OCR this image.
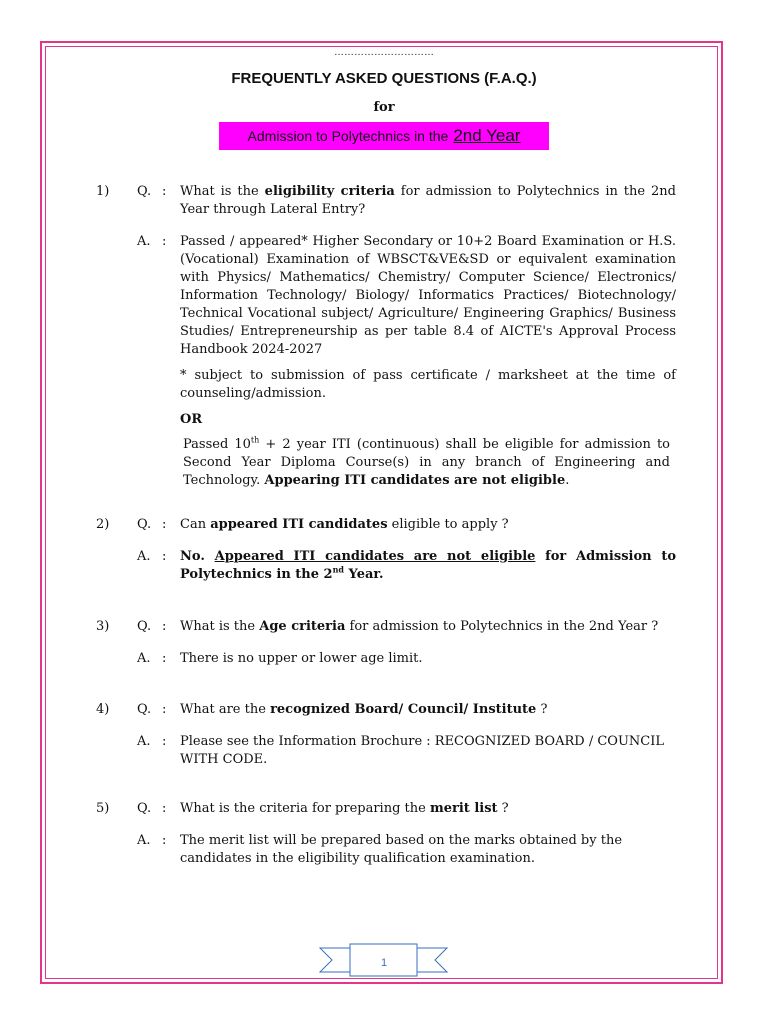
…………………………
FREQUENTLY ASKED QUESTIONS (F.A.Q.)
for
Admission to Polytechnics in the 2nd Year
1) Q. : What is the eligibility criteria for admission to Polytechnics in the 2nd Year through Lateral Entry?
A. : Passed / appeared* Higher Secondary or 10+2 Board Examination or H.S. (Vocational) Examination of WBSCT&VE&SD or equivalent examination with Physics/ Mathematics/ Chemistry/ Computer Science/ Electronics/ Information Technology/ Biology/ Informatics Practices/ Biotechnology/ Technical Vocational subject/ Agriculture/ Engineering Graphics/ Business Studies/ Entrepreneurship as per table 8.4 of AICTE's Approval Process Handbook 2024-2027
* subject to submission of pass certificate / marksheet at the time of counseling/admission.
OR
Passed 10th + 2 year ITI (continuous) shall be eligible for admission to Second Year Diploma Course(s) in any branch of Engineering and Technology. Appearing ITI candidates are not eligible.
2) Q. : Can appeared ITI candidates eligible to apply ?
A. : No. Appeared ITI candidates are not eligible for Admission to Polytechnics in the 2nd Year.
3) Q. : What is the Age criteria for admission to Polytechnics in the 2nd Year ?
A. : There is no upper or lower age limit.
4) Q. : What are the recognized Board/ Council/ Institute ?
A. : Please see the Information Brochure : RECOGNIZED BOARD / COUNCIL WITH CODE.
5) Q. : What is the criteria for preparing the merit list ?
A. : The merit list will be prepared based on the marks obtained by the candidates in the eligibility qualification examination.
1
